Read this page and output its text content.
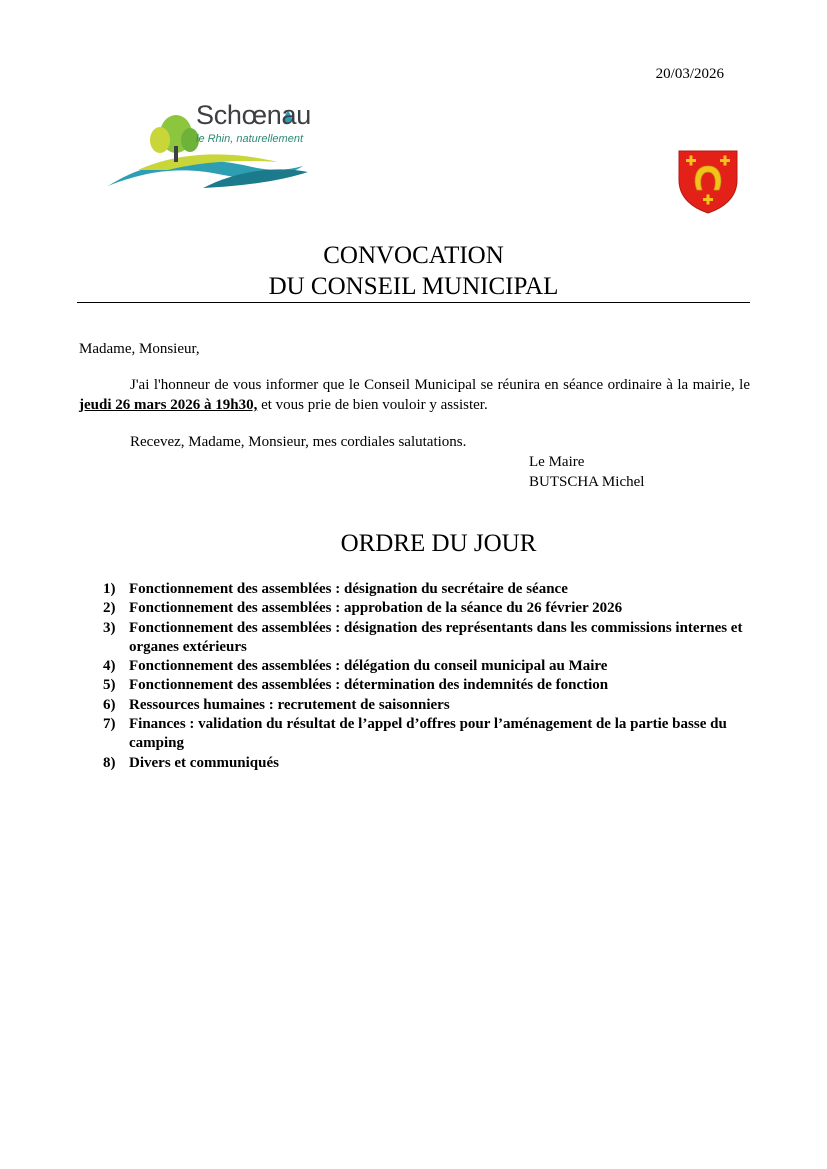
20/03/2026
Schœnau
le Rhin, naturellement
CONVOCATION
DU CONSEIL MUNICIPAL
Madame, Monsieur,
J'ai l'honneur de vous informer que le Conseil Municipal se réunira en séance ordinaire à la mairie, le jeudi 26 mars 2026 à 19h30, et vous prie de bien vouloir y assister.
Recevez, Madame, Monsieur, mes cordiales salutations.
Le Maire
BUTSCHA Michel
ORDRE DU JOUR
1) Fonctionnement des assemblées : désignation du secrétaire de séance
2) Fonctionnement des assemblées : approbation de la séance du 26 février 2026
3) Fonctionnement des assemblées : désignation des représentants dans les commissions internes et organes extérieurs
4) Fonctionnement des assemblées : délégation du conseil municipal au Maire
5) Fonctionnement des assemblées : détermination des indemnités de fonction
6) Ressources humaines : recrutement de saisonniers
7) Finances : validation du résultat de l’appel d’offres pour l’aménagement de la partie basse du camping
8) Divers et communiqués
